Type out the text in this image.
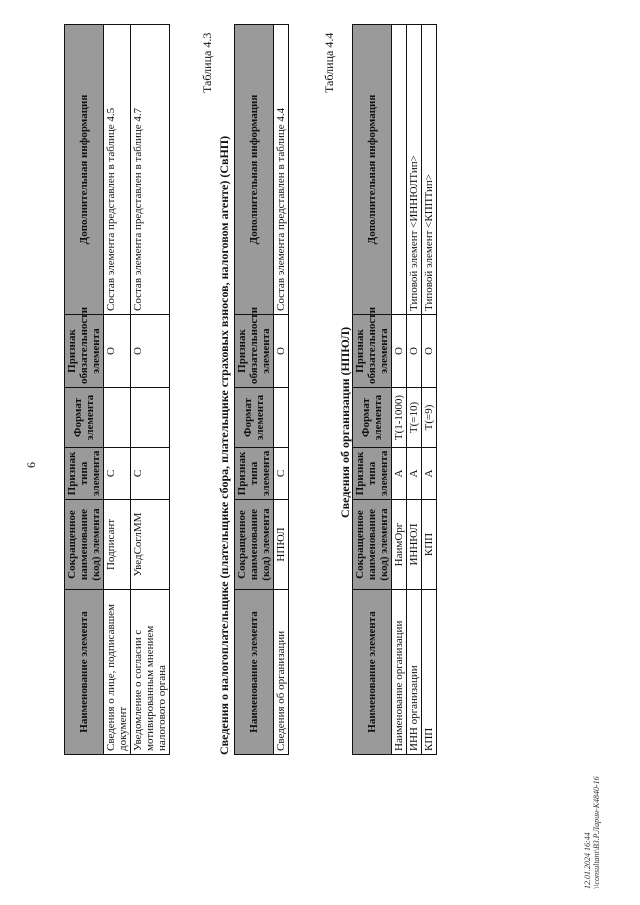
6
Наименование элемента	Сокращенное наименование (код) элемента	Признак типа элемента	Формат элемента	Признак обязательности элемента	Дополнительная информация
Сведения о лице, подписавшем документ	Подписант	С		О	Состав элемента представлен в таблице 4.5
Уведомление о согласии с мотивированным мнением налогового органа	УведСоглММ	С		О	Состав элемента представлен в таблице 4.7
Таблица 4.3
Сведения о налогоплательщике (плательщике сбора, плательщике страховых взносов, налоговом агенте) (СвНП) Наименование элемента	Сокращенное наименование (код) элемента	Признак типа элемента	Формат элемента	Признак обязательности элемента	Дополнительная информация
Сведения об организации	НПЮЛ	С		О	Состав элемента представлен в таблице 4.4
Таблица 4.4
Сведения об организации (НПЮЛ)
Наименование элемента	Сокращенное наименование (код) элемента	Признак типа элемента	Формат элемента	Признак обязательности элемента	Дополнительная информация
Наименование организации	НаимОрг	А	T(1-1000)	О	
ИНН организации	ИННЮЛ	А	T(=10)	О	Типовой элемент <ИННЮЛТип>
КПП	КПП	А	T(=9)	О	Типовой элемент <КППТип>
12.01.2024 16:44 \\consultant\ВЗ.Р.Ларин-К4840-16
